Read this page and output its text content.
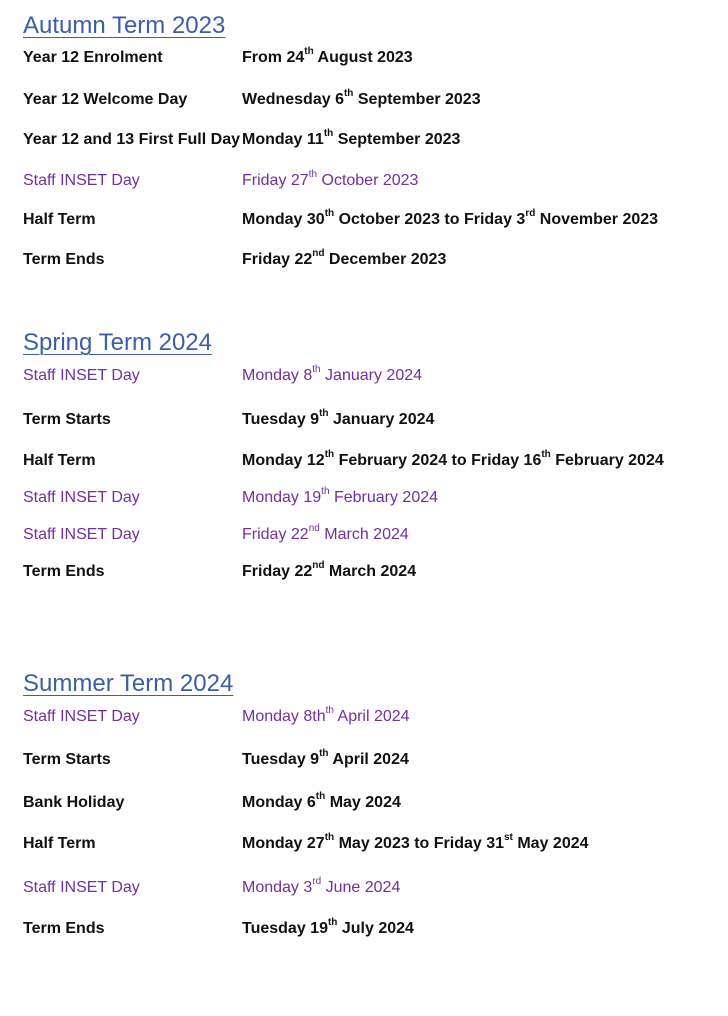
Autumn Term 2023
Year 12 Enrolment	From 24th August 2023
Year 12 Welcome Day	Wednesday 6th September 2023
Year 12 and 13 First Full Day Monday 11th September 2023
Staff INSET Day	Friday 27th October 2023
Half Term	Monday 30th October 2023 to Friday 3rd November 2023
Term Ends	Friday 22nd December 2023
Spring Term 2024
Staff INSET Day	Monday 8th January 2024
Term Starts	Tuesday 9th January 2024
Half Term	Monday 12th February 2024 to Friday 16th February 2024
Staff INSET Day	Monday 19th February 2024
Staff INSET Day	Friday 22nd March 2024
Term Ends	Friday 22nd March 2024
Summer Term 2024
Staff INSET Day	Monday $8th^{th}$ April 2024
Term Starts	Tuesday 9th April 2024
Bank Holiday	Monday 6th May 2024
Half Term	Monday 27th May 2023 to Friday 31st May 2024
Staff INSET Day	Monday 3rd June 2024
Term Ends	Tuesday 19th July 2024
